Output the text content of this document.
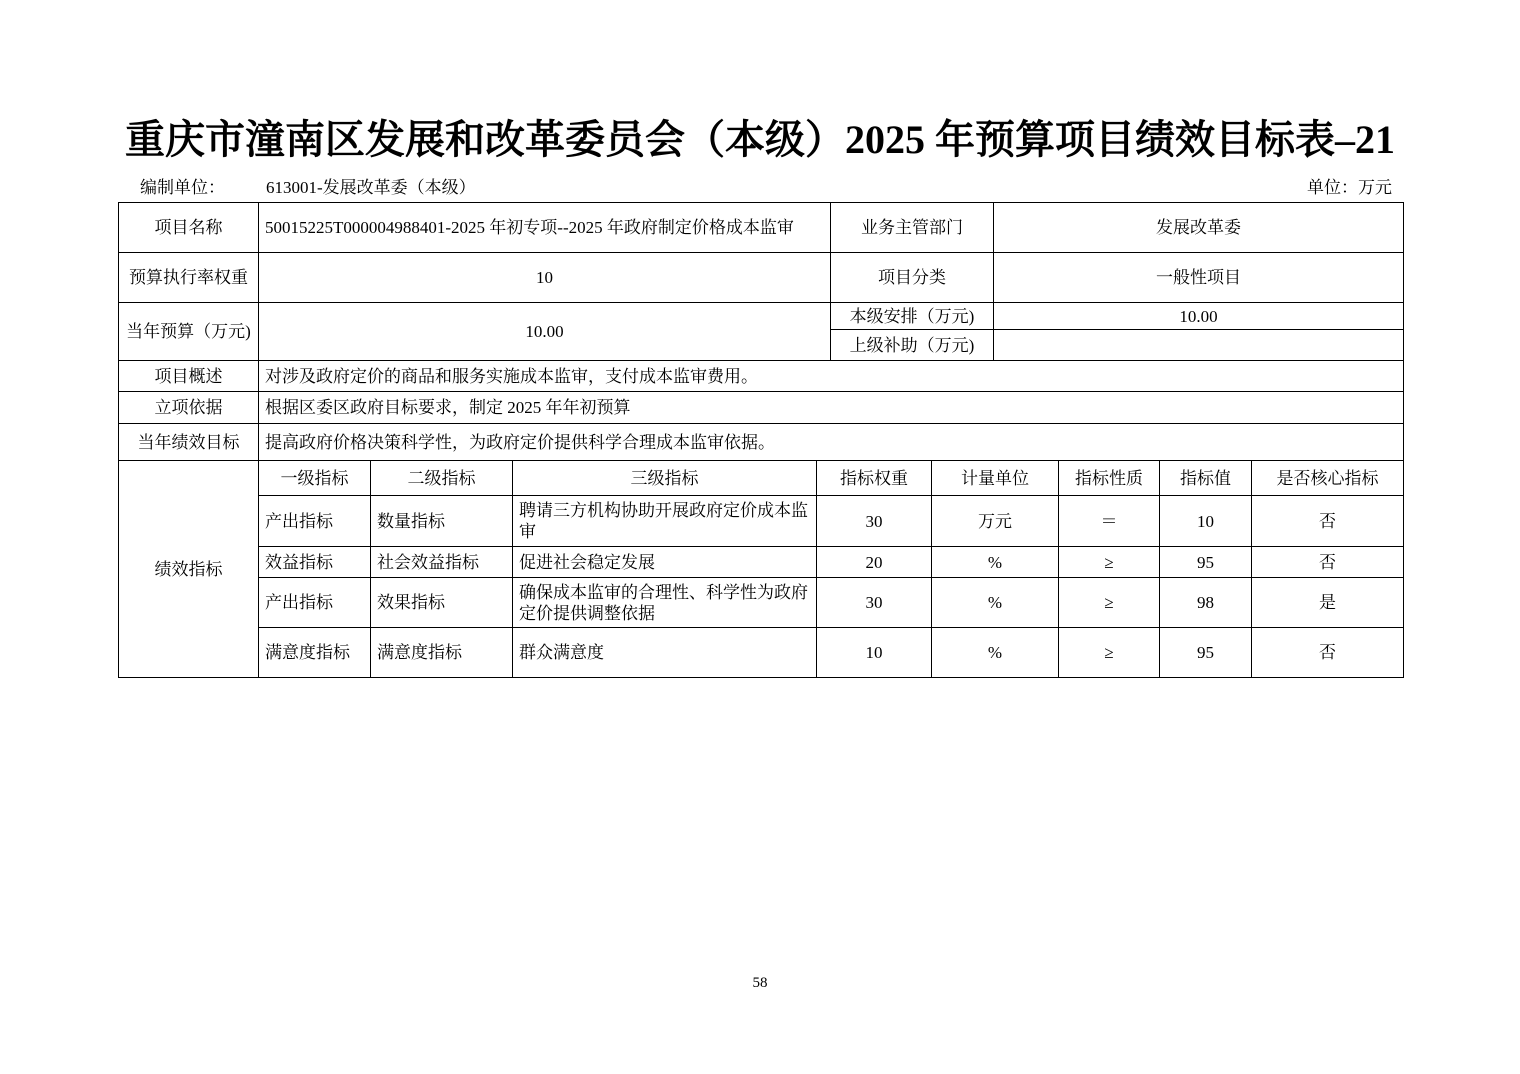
重庆市潼南区发展和改革委员会（本级）2025 年预算项目绩效目标表–21
编制单位： 613001-发展改革委（本级）	单位：万元
项目名称	50015225T000004988401-2025 年初专项--2025 年政府制定价格成本监审	业务主管部门	发展改革委
预算执行率权重	10	项目分类	一般性项目
当年预算（万元)	10.00	本级安排（万元)	10.00
		上级补助（万元)	
项目概述	对涉及政府定价的商品和服务实施成本监审，支付成本监审费用。		
立项依据	根据区委区政府目标要求，制定 2025 年年初预算		
当年绩效目标	提高政府价格决策科学性，为政府定价提供科学合理成本监审依据。		
绩效指标	一级指标	二级指标	三级指标	指标权重	计量单位	指标性质	指标值	是否核心指标
	产出指标	数量指标	聘请三方机构协助开展政府定价成本监审	30	万元	＝	10	否
	效益指标	社会效益指标	促进社会稳定发展	20	%	≥	95	否
	产出指标	效果指标	确保成本监审的合理性、科学性为政府定价提供调整依据	30	%	≥	98	是
	满意度指标	满意度指标	群众满意度	10	%	≥	95	否
58
